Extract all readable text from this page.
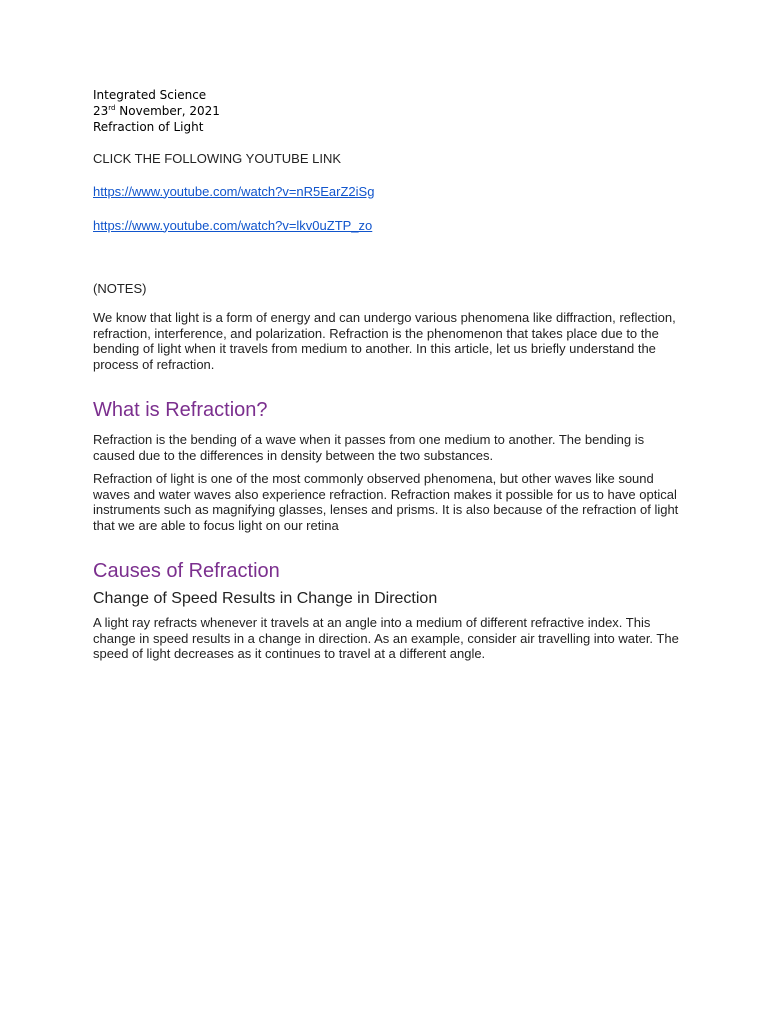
Integrated Science

23rd November, 2021

Refraction of Light

CLICK THE FOLLOWING YOUTUBE LINK

https://www.youtube.com/watch?v=nR5EarZ2iSg

https://www.youtube.com/watch?v=lkv0uZTP_zo

(NOTES)

We know that light is a form of energy and can undergo various phenomena like diffraction, reflection, refraction, interference, and polarization. Refraction is the phenomenon that takes place due to the bending of light when it travels from medium to another. In this article, let us briefly understand the process of refraction.

What is Refraction?

Refraction is the bending of a wave when it passes from one medium to another. The bending is caused due to the differences in density between the two substances.

Refraction of light is one of the most commonly observed phenomena, but other waves like sound waves and water waves also experience refraction. Refraction makes it possible for us to have optical instruments such as magnifying glasses, lenses and prisms. It is also because of the refraction of light that we are able to focus light on our retina

Causes of Refraction
Change of Speed Results in Change in Direction

A light ray refracts whenever it travels at an angle into a medium of different refractive index. This change in speed results in a change in direction. As an example, consider air travelling into water. The speed of light decreases as it continues to travel at a different angle.
